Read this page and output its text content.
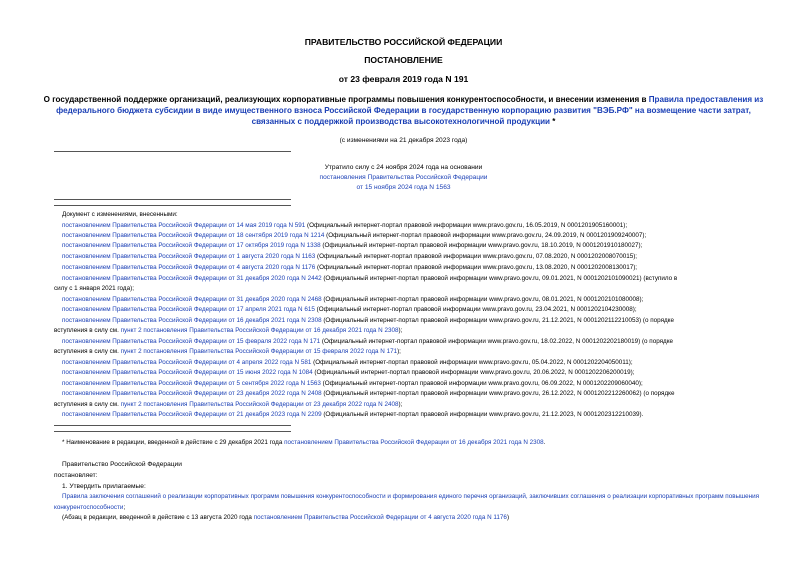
ПРАВИТЕЛЬСТВО РОССИЙСКОЙ ФЕДЕРАЦИИ
ПОСТАНОВЛЕНИЕ
от 23 февраля 2019 года N 191
О государственной поддержке организаций, реализующих корпоративные программы повышения конкурентоспособности, и внесении изменения в Правила предоставления из федерального бюджета субсидии в виде имущественного взноса Российской Федерации в государственную корпорацию развития "ВЭБ.РФ" на возмещение части затрат, связанных с поддержкой производства высокотехнологичной продукции *
(с изменениями на 21 декабря 2023 года)
Утратило силу с 24 ноября 2024 года на основании
постановления Правительства Российской Федерации
от 15 ноября 2024 года N 1563
Документ с изменениями, внесенными:
постановлением Правительства Российской Федерации от 14 мая 2019 года N 591 (Официальный интернет-портал правовой информации www.pravo.gov.ru, 16.05.2019, N 0001201905160001);
постановлением Правительства Российской Федерации от 18 сентября 2019 года N 1214 (Официальный интернет-портал правовой информации www.pravo.gov.ru, 24.09.2019, N 0001201909240007);
постановлением Правительства Российской Федерации от 17 октября 2019 года N 1338 (Официальный интернет-портал правовой информации www.pravo.gov.ru, 18.10.2019, N 0001201910180027);
постановлением Правительства Российской Федерации от 1 августа 2020 года N 1163 (Официальный интернет-портал правовой информации www.pravo.gov.ru, 07.08.2020, N 0001202008070015);
постановлением Правительства Российской Федерации от 4 августа 2020 года N 1176 (Официальный интернет-портал правовой информации www.pravo.gov.ru, 13.08.2020, N 0001202008130017);
постановлением Правительства Российской Федерации от 31 декабря 2020 года N 2442 (Официальный интернет-портал правовой информации www.pravo.gov.ru, 09.01.2021, N 0001202101090021) (вступило в
силу с 1 января 2021 года);
постановлением Правительства Российской Федерации от 31 декабря 2020 года N 2468 (Официальный интернет-портал правовой информации www.pravo.gov.ru, 08.01.2021, N 0001202101080008);
постановлением Правительства Российской Федерации от 17 апреля 2021 года N 615 (Официальный интернет-портал правовой информации www.pravo.gov.ru, 23.04.2021, N 0001202104230008);
постановлением Правительства Российской Федерации от 16 декабря 2021 года N 2308 (Официальный интернет-портал правовой информации www.pravo.gov.ru, 21.12.2021, N 0001202112210053) (о порядке
вступления в силу см. пункт 2 постановления Правительства Российской Федерации от 16 декабря 2021 года N 2308);
постановлением Правительства Российской Федерации от 15 февраля 2022 года N 171 (Официальный интернет-портал правовой информации www.pravo.gov.ru, 18.02.2022, N 0001202202180019) (о порядке
вступления в силу см. пункт 2 постановления Правительства Российской Федерации от 15 февраля 2022 года N 171);
постановлением Правительства Российской Федерации от 4 апреля 2022 года N 581 (Официальный интернет-портал правовой информации www.pravo.gov.ru, 05.04.2022, N 0001202204050011);
постановлением Правительства Российской Федерации от 15 июня 2022 года N 1084 (Официальный интернет-портал правовой информации www.pravo.gov.ru, 20.06.2022, N 0001202206200019);
постановлением Правительства Российской Федерации от 5 сентября 2022 года N 1563 (Официальный интернет-портал правовой информации www.pravo.gov.ru, 06.09.2022, N 0001202209060040);
постановлением Правительства Российской Федерации от 23 декабря 2022 года N 2408 (Официальный интернет-портал правовой информации www.pravo.gov.ru, 26.12.2022, N 0001202212260062) (о порядке
вступления в силу см. пункт 2 постановления Правительства Российской Федерации от 23 декабря 2022 года N 2408);
постановлением Правительства Российской Федерации от 21 декабря 2023 года N 2209 (Официальный интернет-портал правовой информации www.pravo.gov.ru, 21.12.2023, N 0001202312210039).
* Наименование в редакции, введенной в действие с 29 декабря 2021 года постановлением Правительства Российской Федерации от 16 декабря 2021 года N 2308.
Правительство Российской Федерации
постановляет:
1. Утвердить прилагаемые:
Правила заключения соглашений о реализации корпоративных программ повышения конкурентоспособности и формирования единого перечня организаций, заключивших соглашения о реализации корпоративных программ повышения конкурентоспособности;
(Абзац в редакции, введенной в действие с 13 августа 2020 года постановлением Правительства Российской Федерации от 4 августа 2020 года N 1176)
